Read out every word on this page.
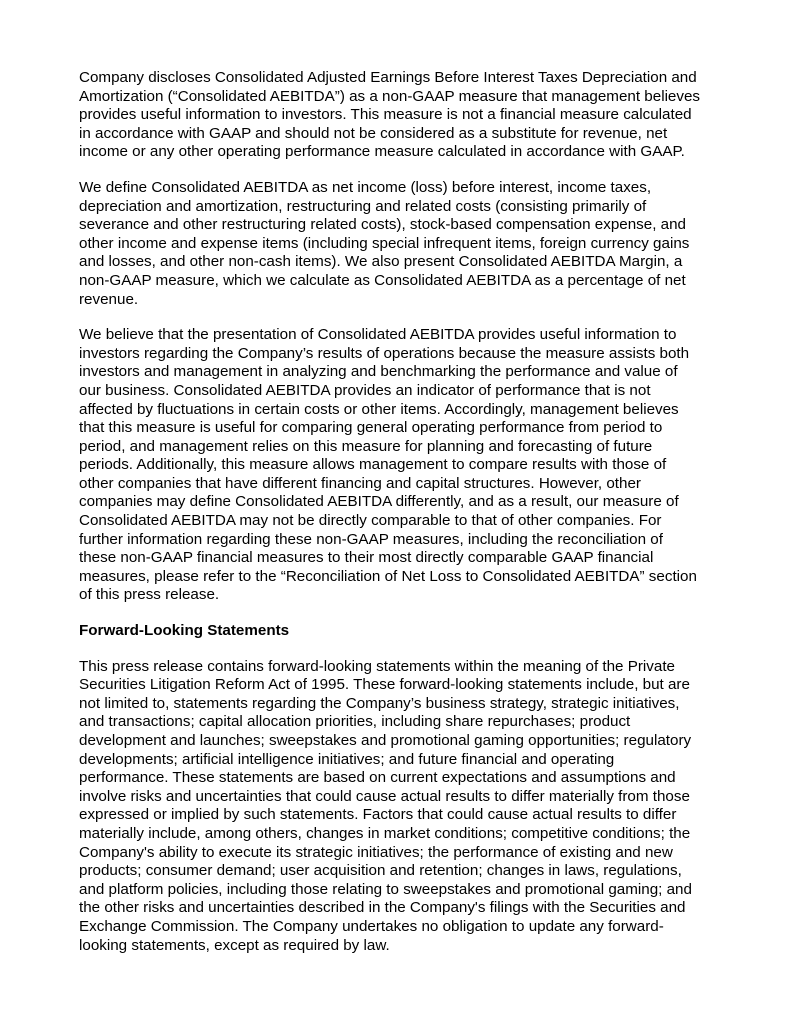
Company discloses Consolidated Adjusted Earnings Before Interest Taxes Depreciation and
Amortization (“Consolidated AEBITDA”) as a non-GAAP measure that management believes
provides useful information to investors. This measure is not a financial measure calculated
in accordance with GAAP and should not be considered as a substitute for revenue, net
income or any other operating performance measure calculated in accordance with GAAP.

We define Consolidated AEBITDA as net income (loss) before interest, income taxes,
depreciation and amortization, restructuring and related costs (consisting primarily of
severance and other restructuring related costs), stock-based compensation expense, and
other income and expense items (including special infrequent items, foreign currency gains
and losses, and other non-cash items). We also present Consolidated AEBITDA Margin, a
non-GAAP measure, which we calculate as Consolidated AEBITDA as a percentage of net
revenue.

We believe that the presentation of Consolidated AEBITDA provides useful information to
investors regarding the Company’s results of operations because the measure assists both
investors and management in analyzing and benchmarking the performance and value of
our business. Consolidated AEBITDA provides an indicator of performance that is not
affected by fluctuations in certain costs or other items. Accordingly, management believes
that this measure is useful for comparing general operating performance from period to
period, and management relies on this measure for planning and forecasting of future
periods. Additionally, this measure allows management to compare results with those of
other companies that have different financing and capital structures. However, other
companies may define Consolidated AEBITDA differently, and as a result, our measure of
Consolidated AEBITDA may not be directly comparable to that of other companies. For
further information regarding these non-GAAP measures, including the reconciliation of
these non-GAAP financial measures to their most directly comparable GAAP financial
measures, please refer to the “Reconciliation of Net Loss to Consolidated AEBITDA” section
of this press release.

Forward-Looking Statements

This press release contains forward-looking statements within the meaning of the Private
Securities Litigation Reform Act of 1995. These forward-looking statements include, but are
not limited to, statements regarding the Company’s business strategy, strategic initiatives,
and transactions; capital allocation priorities, including share repurchases; product
development and launches; sweepstakes and promotional gaming opportunities; regulatory
developments; artificial intelligence initiatives; and future financial and operating
performance. These statements are based on current expectations and assumptions and
involve risks and uncertainties that could cause actual results to differ materially from those
expressed or implied by such statements. Factors that could cause actual results to differ
materially include, among others, changes in market conditions; competitive conditions; the
Company's ability to execute its strategic initiatives; the performance of existing and new
products; consumer demand; user acquisition and retention; changes in laws, regulations,
and platform policies, including those relating to sweepstakes and promotional gaming; and
the other risks and uncertainties described in the Company's filings with the Securities and
Exchange Commission. The Company undertakes no obligation to update any forward-
looking statements, except as required by law.
